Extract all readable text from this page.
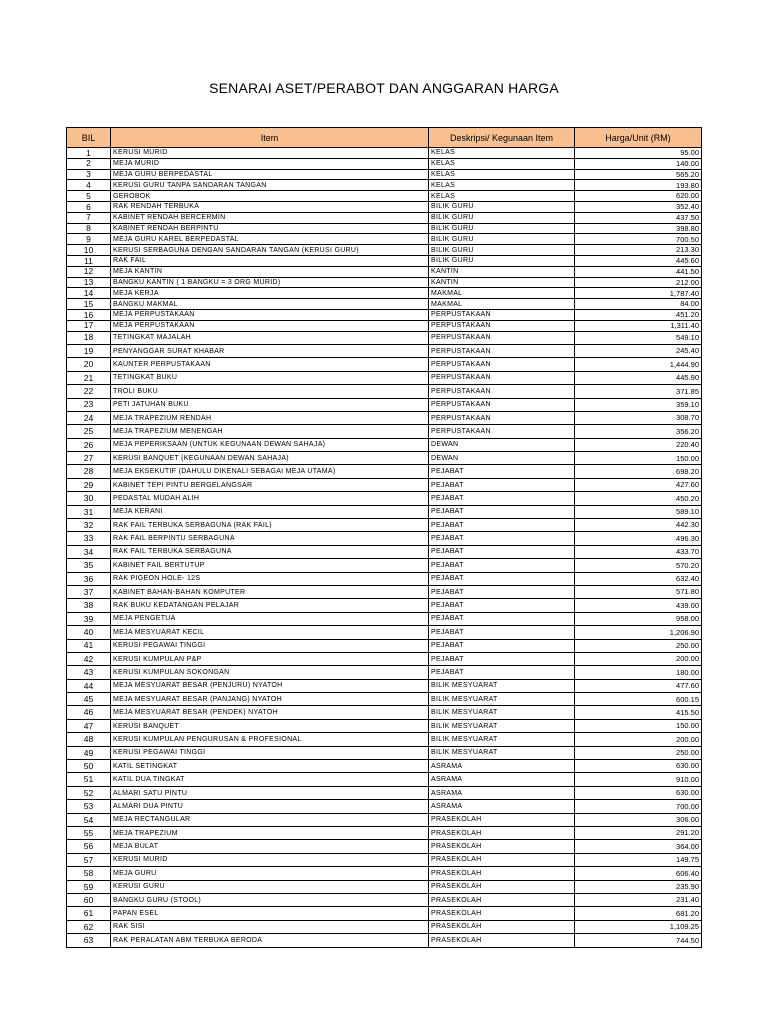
SENARAI ASET/PERABOT DAN ANGGARAN HARGA
BIL	Item	Deskripsi/ Kegunaan Item	Harga/Unit (RM)
1	KERUSI MURID	KELAS	95.00
2	MEJA MURID	KELAS	140.00
3	MEJA GURU BERPEDASTAL	KELAS	565.20
4	KERUSI GURU TANPA SANDARAN TANGAN	KELAS	193.80
5	GEROBOK	KELAS	620.00
6	RAK RENDAH TERBUKA	BILIK GURU	352.40
7	KABINET RENDAH BERCERMIN	BILIK GURU	437.50
8	KABINET RENDAH BERPINTU	BILIK GURU	398.80
9	MEJA GURU KAREL BERPEDASTAL	BILIK GURU	700.50
10	KERUSI SERBAGUNA DENGAN SANDARAN TANGAN (KERUSI GURU)	BILIK GURU	213.30
11	RAK FAIL	BILIK GURU	445.60
12	MEJA KANTIN	KANTIN	441.50
13	BANGKU KANTIN ( 1 BANGKU = 3 ORG MURID)	KANTIN	212.00
14	MEJA KERJA	MAKMAL	1,787.40
15	BANGKU MAKMAL	MAKMAL	84.00
16	MEJA PERPUSTAKAAN	PERPUSTAKAAN	451.20
17	MEJA PERPUSTAKAAN	PERPUSTAKAAN	1,311.40
18	TETINGKAT MAJALAH	PERPUSTAKAAN	549.10
19	PENYANGGAR SURAT KHABAR	PERPUSTAKAAN	245.40
20	KAUNTER PERPUSTAKAAN	PERPUSTAKAAN	1,444.90
21	TETINGKAT BUKU	PERPUSTAKAAN	445.90
22	TROLI BUKU	PERPUSTAKAAN	371.85
23	PETI JATUHAN BUKU	PERPUSTAKAAN	359.10
24	MEJA TRAPEZIUM RENDAH	PERPUSTAKAAN	308.70
25	MEJA TRAPEZIUM MENENGAH	PERPUSTAKAAN	356.20
26	MEJA PEPERIKSAAN (UNTUK KEGUNAAN DEWAN SAHAJA)	DEWAN	220.40
27	KERUSI BANQUET (KEGUNAAN DEWAN SAHAJA)	DEWAN	150.00
28	MEJA EKSEKUTIF (DAHULU DIKENALI SEBAGAI MEJA UTAMA)	PEJABAT	698.20
29	KABINET TEPI PINTU BERGELANGSAR	PEJABAT	427.60
30	PEDASTAL MUDAH ALIH	PEJABAT	450.20
31	MEJA KERANI	PEJABAT	589.10
32	RAK FAIL TERBUKA SERBAGUNA (RAK FAIL)	PEJABAT	442.30
33	RAK FAIL BERPINTU SERBAGUNA	PEJABAT	496.30
34	RAK FAIL TERBUKA SERBAGUNA	PEJABAT	433.70
35	KABINET FAIL BERTUTUP	PEJABAT	570.20
36	RAK PIGEON HOLE- 12S	PEJABAT	632.40
37	KABINET BAHAN-BAHAN KOMPUTER	PEJABAT	571.80
38	RAK BUKU KEDATANGAN PELAJAR	PEJABAT	439.00
39	MEJA PENGETUA	PEJABAT	958.00
40	MEJA MESYUARAT KECIL	PEJABAT	1,206.90
41	KERUSI PEGAWAI TINGGI	PEJABAT	250.00
42	KERUSI KUMPULAN P&P	PEJABAT	200.00
43	KERUSI KUMPULAN SOKONGAN	PEJABAT	180.00
44	MEJA MESYUARAT BESAR (PENJURU) NYATOH	BILIK MESYUARAT	477.60
45	MEJA MESYUARAT BESAR (PANJANG) NYATOH	BILIK MESYUARAT	600.15
46	MEJA MESYUARAT BESAR (PENDEK) NYATOH	BILIK MESYUARAT	415.50
47	KERUSI BANQUET	BILIK MESYUARAT	150.00
48	KERUSI KUMPULAN PENGURUSAN & PROFESIONAL	BILIK MESYUARAT	200.00
49	KERUSI PEGAWAI TINGGI	BILIK MESYUARAT	250.00
50	KATIL SETINGKAT	ASRAMA	630.00
51	KATIL DUA TINGKAT	ASRAMA	910.00
52	ALMARI SATU PINTU	ASRAMA	630.00
53	ALMARI DUA PINTU	ASRAMA	700.00
54	MEJA RECTANGULAR	PRASEKOLAH	306.00
55	MEJA TRAPEZIUM	PRASEKOLAH	291.20
56	MEJA BULAT	PRASEKOLAH	364.00
57	KERUSI MURID	PRASEKOLAH	149.75
58	MEJA GURU	PRASEKOLAH	606.40
59	KERUSI GURU	PRASEKOLAH	235.90
60	BANGKU GURU (STOOL)	PRASEKOLAH	231.40
61	PAPAN ESEL	PRASEKOLAH	681.20
62	RAK SISI	PRASEKOLAH	1,109.25
63	RAK PERALATAN ABM TERBUKA BERODA	PRASEKOLAH	744.50
